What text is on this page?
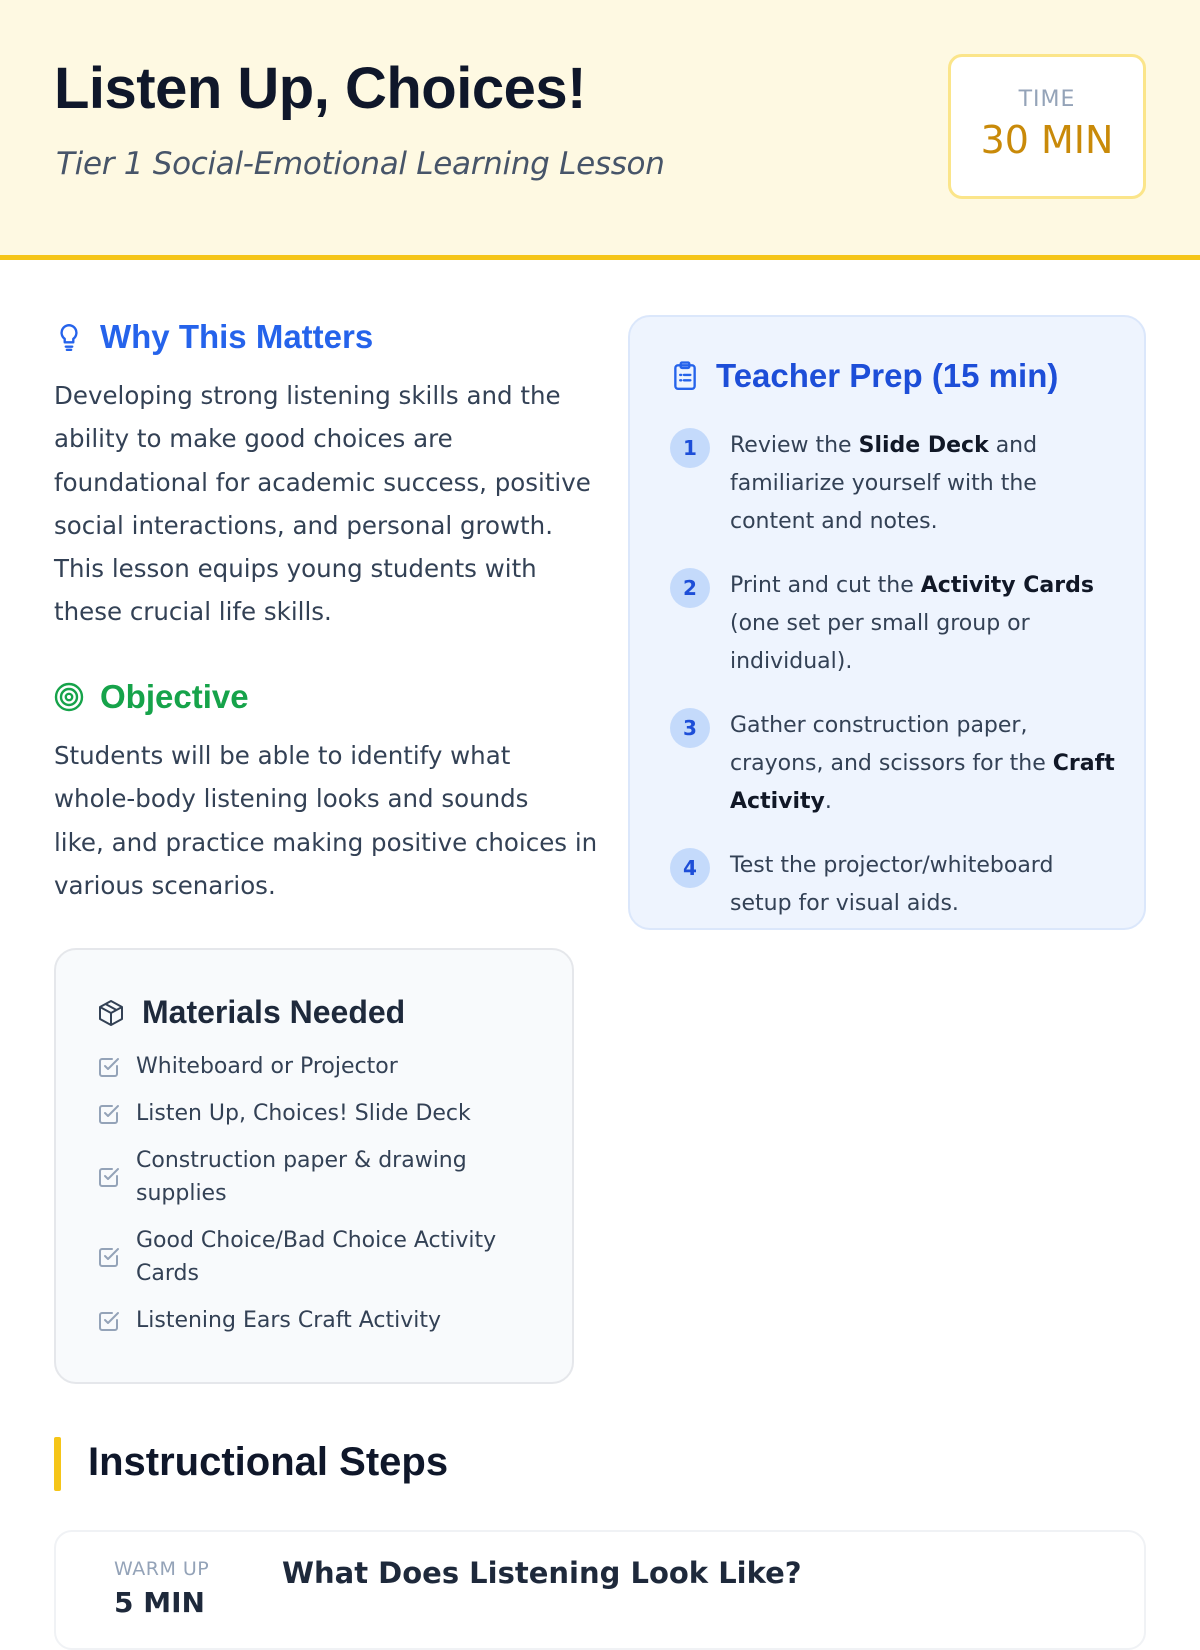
Listen Up, Choices!
Tier 1 Social-Emotional Learning Lesson
TIME
30 MIN
Why This Matters
Developing strong listening skills and the
ability to make good choices are
foundational for academic success, positive
social interactions, and personal growth.
This lesson equips young students with
these crucial life skills.
Objective
Students will be able to identify what
whole-body listening looks and sounds
like, and practice making positive choices in
various scenarios.
Teacher Prep (15 min)
1	Review the Slide Deck and familiarize yourself with the content and notes.
2	Print and cut the Activity Cards (one set per small group or individual).
3	Gather construction paper, crayons, and scissors for the Craft Activity.
4	Test the projector/whiteboard setup for visual aids.
Materials Needed
Whiteboard or Projector
Listen Up, Choices! Slide Deck
Construction paper & drawing supplies
Good Choice/Bad Choice Activity Cards
Listening Ears Craft Activity
Instructional Steps
WARM UP
5 MIN
What Does Listening Look Like?
